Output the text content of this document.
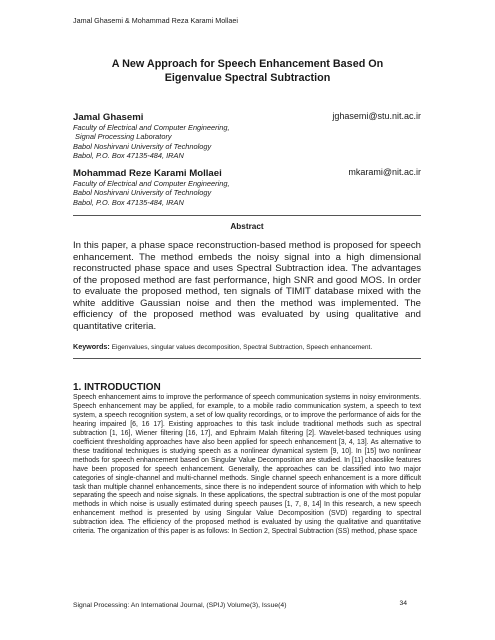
Jamal Ghasemi & Mohammad Reza Karami Mollaei
A New Approach for Speech Enhancement Based On
Eigenvalue Spectral Subtraction
Jamal Ghasemi	jghasemi@stu.nit.ac.ir
Faculty of Electrical and Computer Engineering,
Signal Processing Laboratory
Babol Noshirvani University of Technology
Babol, P.O. Box 47135-484, IRAN
Mohammad Reze Karami Mollaei	mkarami@nit.ac.ir
Faculty of Electrical and Computer Engineering,
Babol Noshirvani University of Technology
Babol, P.O. Box 47135-484, IRAN
Abstract
In this paper, a phase space reconstruction-based method is proposed for speech enhancement. The method embeds the noisy signal into a high dimensional reconstructed phase space and uses Spectral Subtraction idea. The advantages of the proposed method are fast performance, high SNR and good MOS. In order to evaluate the proposed method, ten signals of TIMIT database mixed with the white additive Gaussian noise and then the method was implemented. The efficiency of the proposed method was evaluated by using qualitative and quantitative criteria.
Keywords: Eigenvalues, singular values decomposition, Spectral Subtraction, Speech enhancement.
1. INTRODUCTION
Speech enhancement aims to improve the performance of speech communication systems in noisy environments. Speech enhancement may be applied, for example, to a mobile radio communication system, a speech to text system, a speech recognition system, a set of low quality recordings, or to improve the performance of aids for the hearing impaired [6, 16 17]. Existing approaches to this task include traditional methods such as spectral subtraction [1, 16], Wiener filtering [16, 17], and Ephraim Malah filtering [2]. Wavelet-based techniques using coefficient thresholding approaches have also been applied for speech enhancement [3, 4, 13]. As alternative to these traditional techniques is studying speech as a nonlinear dynamical system [9, 10]. In [15] two nonlinear methods for speech enhancement based on Singular Value Decomposition are studied. In [11] chaoslike features have been proposed for speech enhancement. Generally, the approaches can be classified into two major categories of single-channel and multi-channel methods. Single channel speech enhancement is a more difficult task than multiple channel enhancements, since there is no independent source of information with which to help separating the speech and noise signals. In these applications, the spectral subtraction is one of the most popular methods in which noise is usually estimated during speech pauses [1, 7, 8, 14] In this research, a new speech enhancement method is presented by using Singular Value Decomposition (SVD) regarding to spectral subtraction idea. The efficiency of the proposed method is evaluated by using the qualitative and quantitative criteria. The organization of this paper is as follows: In Section 2, Spectral Subtraction (SS) method, phase space
Signal Processing: An International Journal, (SPIJ) Volume(3), Issue(4)	34
